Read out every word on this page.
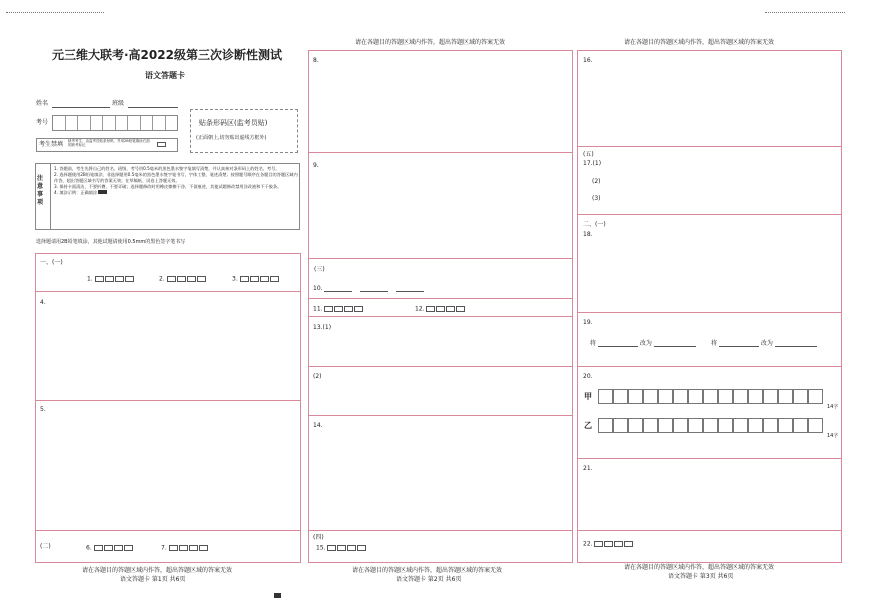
元三维大联考·高2022级第三次诊断性测试
语文答题卡
姓名	班级
考号
考生禁填 缺考考生，由监考员贴条形码，并用2B铅笔填涂右面的缺考标记
贴条形码区(监考员贴)
(正面朝上,切勿贴出虚线方框外)
注意事项
1. 答题前，考生先将自己的姓名、班级、考号用0.5毫米的黑色墨水签字笔填写清楚，并认真核对条形码上的姓名、考号。
2. 选择题使用2B铅笔填涂，非选择题用0.5毫米的黑色墨水签字笔书写，字体工整、笔迹清楚；按照题号顺序在各题目的答题区域内作答，超出答题区域书写的答案无效；在草稿纸、试卷上答题无效。
3. 保持卡面清洁，不要折叠、不要弄破；选择题修改时用橡皮擦擦干净，不留痕迹，其他试题修改禁用涂改液和不干胶条。
4. 填涂示例：正确填涂
选择题请用2B铅笔填涂，其他试题请使用0.5mm的黑色签字笔书写
一、(一)
1.	2.	3.
4.
5.
(二)	6.	7.
请在各题目的答题区域内作答，超出答题区域的答案无效
语文答题卡 第1页 共6页
请在各题目的答题区域内作答，超出答题区域的答案无效
8.
9.
(三)
10.
11.	12.
13.(1)
(2)
14.
(四)
15.
请在各题目的答题区域内作答，超出答题区域的答案无效
语文答题卡 第2页 共6页
请在各题目的答题区域内作答，超出答题区域的答案无效
16.
(五)
17.(1)
(2)
(3)
二、(一)
18.
19.
将	改为	将	改为
20.
甲
14字
乙
14字
21.
22.
请在各题目的答题区域内作答，超出答题区域的答案无效
语文答题卡 第3页 共6页
